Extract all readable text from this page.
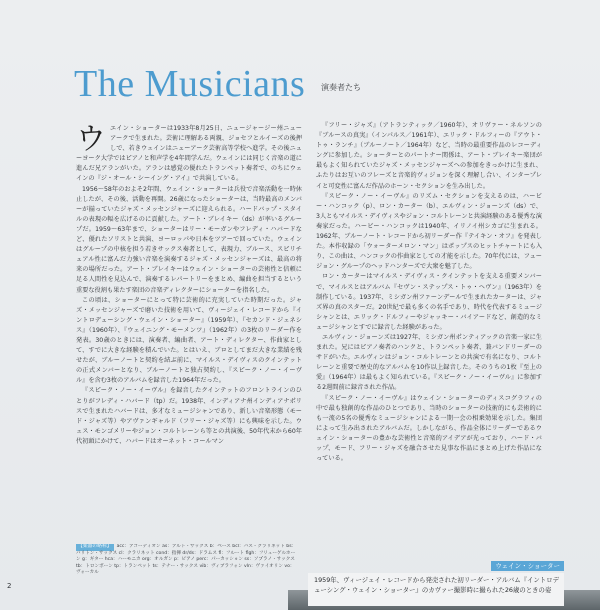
The Musicians 演奏者たち
ウ エイン・ショーターは1933年8月25日、ニュージャージー州ニューアークで生まれた。芸術に理解ある両親、ジョセフとルイーズの後押しで、若きウェインはニューアーク芸術高等学校へ進学。その後ニューヨーク大学ではピアノと和声学を4年間学んだ。ウェインには同じく音楽の道に進んだ兄アランがいた。アランは感覚の優れたトランペット奏者で、のちにウェインの『ジ・オール・シーイング・アイ』で共演している。

1956〜58年のおよそ2年間、ウェイン・ショーターは兵役で音楽活動を一時休止したが、その後、活動を再開。26歳になったショーターは、当時最高のメンバーが揃っていたジャズ・メッセンジャーズに迎えられる。ハードバップ・スタイルの表現の幅を広げるのに貢献した。アート・ブレイキー（ds）が率いるグループだ。1959〜63年まで、ショーターはリー・モーガンやフレディ・ハバードなど、優れたソリストと共演、ヨーロッパや日本をツアーで回っていた。ウェインはグループの中核を担う若きサックス奏者として、表現力、ブルース、スピリチュアル性に富んだ力強い音楽を演奏するジャズ・メッセンジャーズは、最高の将来の場所だった。アート・ブレイキーはウェイン・ショーターの芸術性と信頼に足る人間性を見込んで、演奏するレパートリーをまとめ、編曲を担当するという重要な役割も果たす楽団の音楽ディレクターにショーターを指名した。

この頃は、ショーターにとって特に芸術的に充実していた時期だった。ジャズ・メッセンジャーズで磨いた技術を用いて、ヴィージェイ・レコードから『イントロデューシング・ウェイン・ショーター』（1959年）、『セカンド・ジェネシス』（1960年）、『ウェイニング・モーメンツ』（1962年）の3枚のリーダー作を発表。30歳のときには、演奏者、編曲者、アート・ディレクター、作曲家として、すでに大きな経験を積んでいた。とはいえ、ブロとしてまだ大きな業績を残せたが、ブルーノートと契約を結ぶ前に、マイルス・デイヴィスのクインテットの正式メンバーとなり、ブルーノートと独占契約し、『スピーク・ノー・イーヴル』を含む3枚のアルバムを録音した1964年だった。

『スピーク・ノー・イーヴル』を録音したクインテットのフロントラインのひとりがフレディ・ハバード（tp）だ。1938年、インディアナ州インディアナポリスで生まれたハバードは、多才なミュージシャンであり、新しい音楽形態（モード・ジャズ等）やアヴァンギャルド（フリー・ジャズ等）にも興味を示した。ウェス・モンゴメリーやジョン・コルトレーンら等との共演後、50年代末から60年代初頭にかけて、ハバードはオーネット・コールマン

『フリー・ジャズ』（アトランティック／1960年）、オリヴァー・ネルソンの『ブルースの真実』（インパルス／1961年）、エリック・ドルフィーの『アウト・トゥ・ランチ』（ブルーノート／1964年）など、当時の最重要作品のレコーディングに参加した。ショーターとのパートナー関係は、アート・ブレイキー楽団が最もよく知られていたジャズ・メッセンジャーズへの参加をきっかけに生まれ、ふたりはお互いのフレーズと音楽的ヴィジョンを深く理解し合い、インタープレイと可変性に富んだ作品のホーン・セクションを生み出した。

『スピーク・ノー・イーヴル』のリズム・セクションを支えるのは、ハービー・ハンコック（p）、ロン・カーター（b）、エルヴィン・ジョーンズ（ds）で、3人ともマイルス・デイヴィスやジョン・コルトレーンと共演経験のある優秀な演奏家だった。ハービー・ハンコックは1940年、イリノイ州シカゴに生まれる。1962年、ブルーノート・レコードから初リーダー作『テイキン・オフ』を発表した。本作収録の「ウォーターメロン・マン」はポップスのヒットチャートにも入り、この曲は、ハンコックの作曲家としての才能を示した。70年代には、フュージョン・グループのヘッドハンターズで大衆を魅了した。

ロン・カーターはマイルス・デイヴィス・クインテットを支える重要メンバーで、マイルスとはアルバム『セヴン・ステップス・トゥ・ヘヴン』（1963年）を制作している。1937年、ミシガン州ファーンデールで生まれたカーターは、ジャズ界の真のスターだ。20世紀で最も多くの名手であり、時代を代表するミュージシャンとは、エリック・ドルフィーやジャッキー・バイアードなど、創造的なミュージシャンとすでに録音した経験があった。

エルヴィン・ジョーンズは1927年、ミシガン州ポンティアックの音楽一家に生まれた。兄にはピアノ奏者のハンクと、トランペット奏者、兼バンドリーダーのサドがいた。エルヴィンはジョン・コルトレーンとの共演で有名になり、コルトレーンと重要で歴史的なアルバムを10作以上録音した。そのうちの1枚『至上の愛』（1964年）は最もよく知られている。『スピーク・ノー・イーヴル』に参加する2週間前に録音された作品。

『スピーク・ノー・イーヴル』はウェイン・ショーターのディスコグラフィの中で最も独創的な作品のひとつであり、当時のショーターの技術的にも芸術的にも一流の5名の優秀なミュージシャンによる一期一会の相乗効果を示した。集団によって生み出されたアルバムだ。しかしながら、作品全体にリーダーであるウェイン・ショーターの豊かな芸術性と音楽的アイデアが光っており、ハード・バップ、モード、フリー・ジャズを融合させた見事な作品にまとめ上げた作品になっている。

【楽器の略称】 acc：アコーディオン as：アルト・サックス b：ベース bcl：バス・クラリネット bs：バリトン・サックス cl：クラリネット cond：指揮 dr/ds：ドラムス fl：フルート flgh：フリューゲルホーン g：ギター hca：ハーモニカ org：オルガン p：ピアノ perc：パーカッション ss：ソプラノ・サックス tb：トロンボーン tp：トランペット ts：テナー・サックス vib：ヴィブラフォン vln：ヴァイオリン vo：ヴォーカル
ウェイン・ショーター
1959年、ヴィージェイ・レコードから発売された初リーダー・アルバム『イントロデューシング・ウェイン・ショーター』のカヴァー撮影時に撮られた26歳のときの姿
2
